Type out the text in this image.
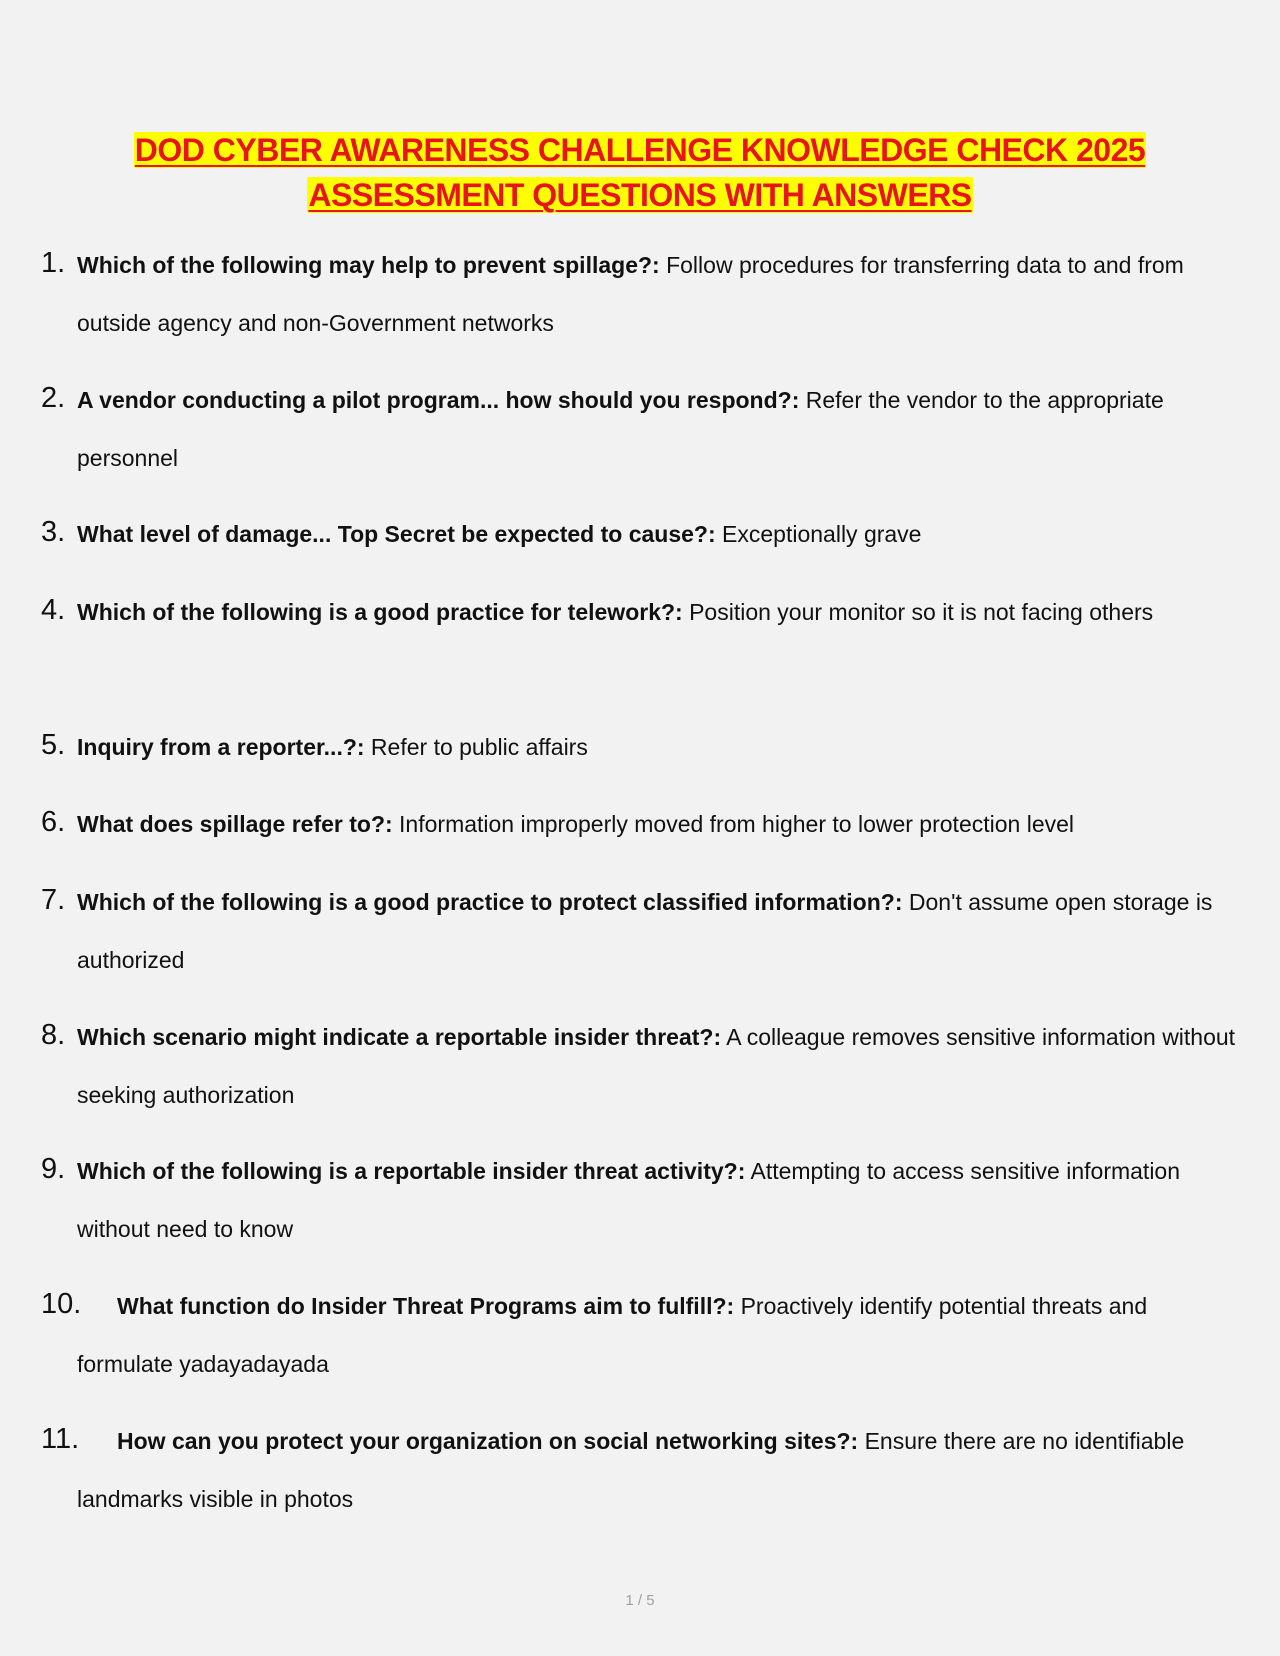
DOD CYBER AWARENESS CHALLENGE KNOWLEDGE CHECK 2025
ASSESSMENT QUESTIONS WITH ANSWERS
1. Which of the following may help to prevent spillage?: Follow procedures for transferring data to and from outside agency and non-Government networks
2. A vendor conducting a pilot program... how should you respond?: Refer the vendor to the appropriate personnel
3. What level of damage... Top Secret be expected to cause?: Exceptionally grave
4. Which of the following is a good practice for telework?: Position your monitor so it is not facing others
5. Inquiry from a reporter...?: Refer to public affairs
6. What does spillage refer to?: Information improperly moved from higher to lower protection level
7. Which of the following is a good practice to protect classified information?: Don't assume open storage is authorized
8. Which scenario might indicate a reportable insider threat?: A colleague removes sensitive information without seeking authorization
9. Which of the following is a reportable insider threat activity?: Attempting to access sensitive information without need to know
10.	What function do Insider Threat Programs aim to fulfill?: Proactively identify potential threats and formulate yadayadayada
11.	How can you protect your organization on social networking sites?: Ensure there are no identifiable landmarks visible in photos
1 / 5
